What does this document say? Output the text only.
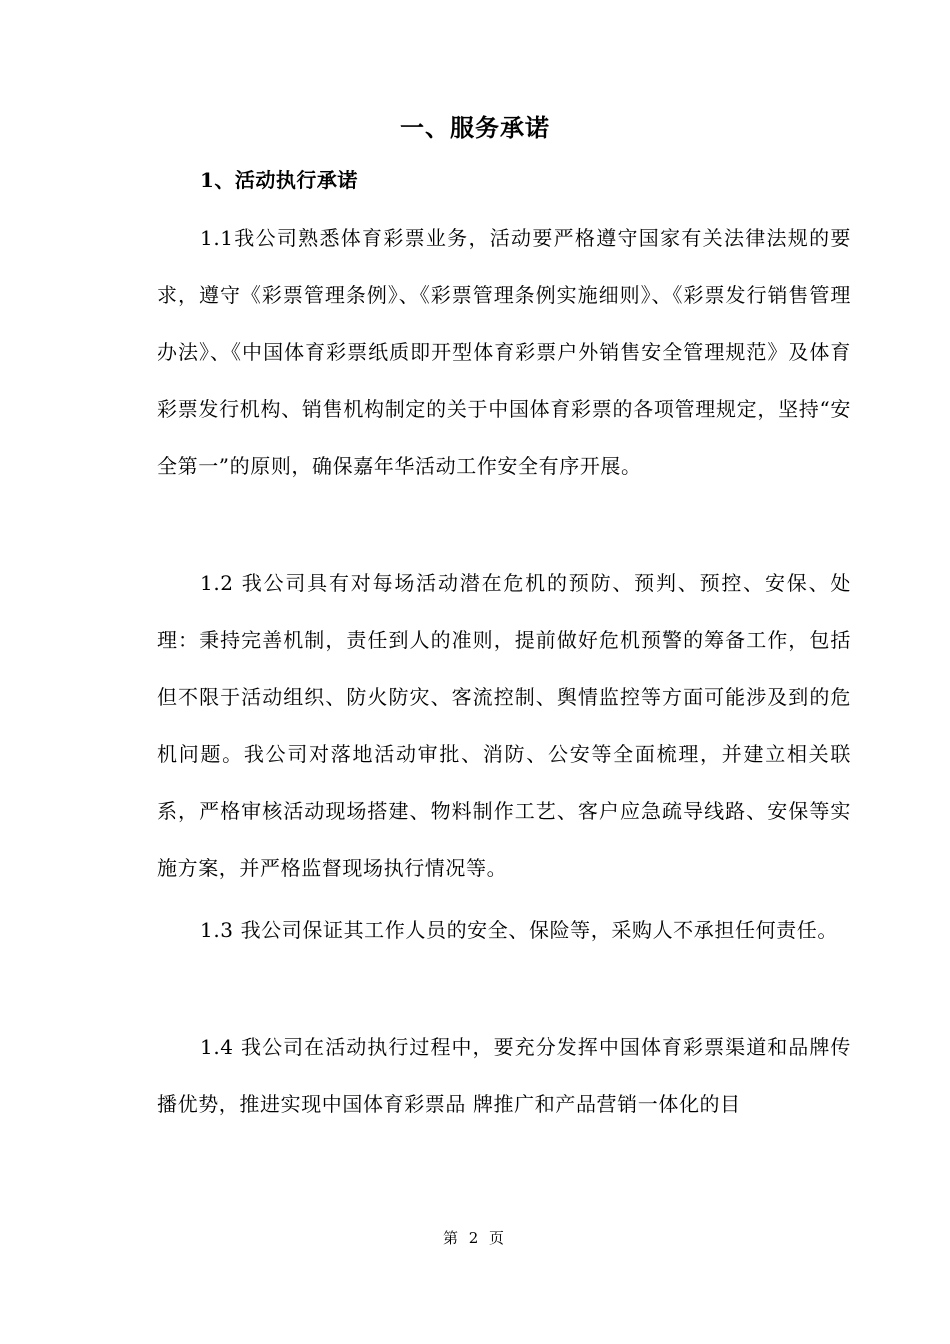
一、服务承诺
1、活动执行承诺

1.1我公司熟悉体育彩票业务，活动要严格遵守国家有关法律法规的要求，遵守《彩票管理条例》、《彩票管理条例实施细则》、《彩票发行销售管理办法》、《中国体育彩票纸质即开型体育彩票户外销售安全管理规范》及体育彩票发行机构、销售机构制定的关于中国体育彩票的各项管理规定，坚持“安全第一”的原则，确保嘉年华活动工作安全有序开展。

1.2 我公司具有对每场活动潜在危机的预防、预判、预控、安保、处理：秉持完善机制，责任到人的准则，提前做好危机预警的筹备工作，包括但不限于活动组织、防火防灾、客流控制、舆情监控等方面可能涉及到的危机问题。我公司对落地活动审批、消防、公安等全面梳理，并建立相关联系，严格审核活动现场搭建、物料制作工艺、客户应急疏导线路、安保等实施方案，并严格监督现场执行情况等。

1.3 我公司保证其工作人员的安全、保险等，采购人不承担任何责任。

1.4 我公司在活动执行过程中，要充分发挥中国体育彩票渠道和品牌传播优势，推进实现中国体育彩票品 牌推广和产品营销一体化的目

第 2 页
